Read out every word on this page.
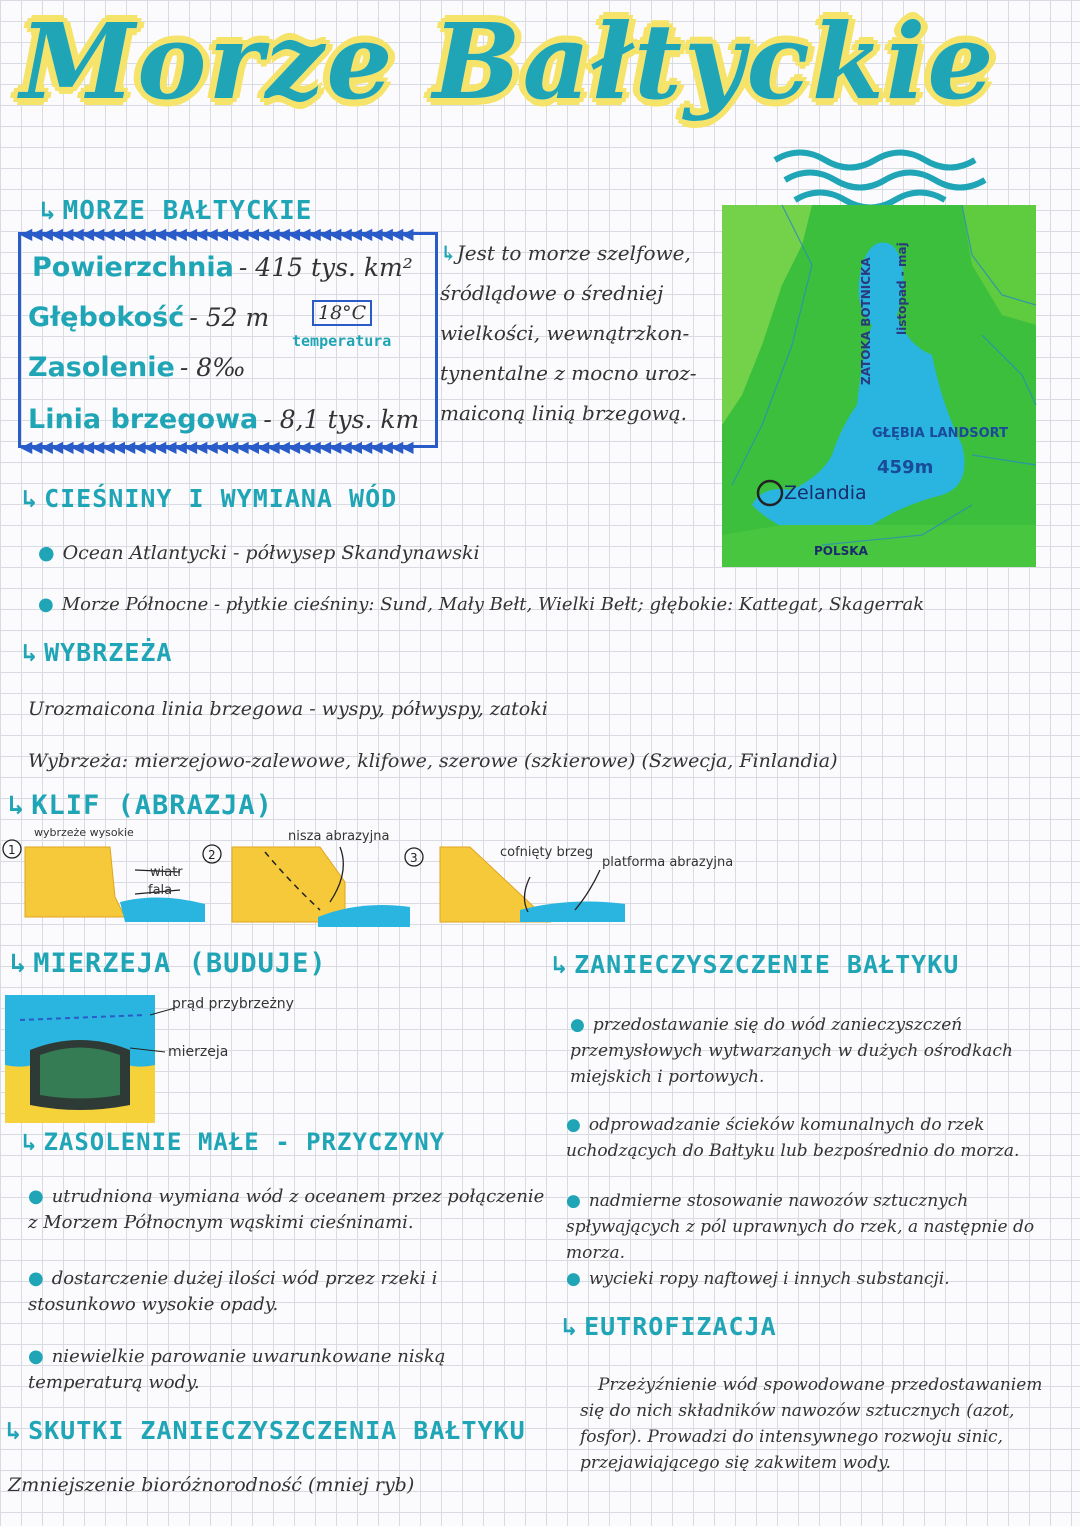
Morze Bałtyckie
↳ MORZE BAŁTYCKIE
◀◀◀◀◀◀◀◀◀◀◀◀◀◀◀◀◀◀◀◀◀◀◀◀◀◀◀◀◀◀◀◀◀◀◀◀◀◀
◀◀◀◀◀◀◀◀◀◀◀◀◀◀◀◀◀◀◀◀◀◀◀◀◀◀◀◀◀◀◀◀◀◀◀◀◀◀
Powierzchnia - 415 tys. km²
Głębokość - 52 m
Zasolenie - 8‰
Linia brzegowa - 8,1 tys. km
18°C
temperatura
↳Jest to morze szelfowe,
śródlądowe o średniej
wielkości, wewnątrzkon-
tynentalne z mocno uroz-
maiconą linią brzegową.
ZATOKA BOTNICKA listopad - maj
GŁĘBIA LANDSORT
459m
Zelandia
POLSKA
↳ CIEŚNINY I WYMIANA WÓD
● Ocean Atlantycki - półwysep Skandynawski
● Morze Północne - płytkie cieśniny: Sund, Mały Bełt, Wielki Bełt; głębokie: Kattegat, Skagerrak
↳ WYBRZEŻA
Urozmaicona linia brzegowa - wyspy, półwyspy, zatoki
Wybrzeża: mierzejowo-zalewowe, klifowe, szerowe (szkierowe) (Szwecja, Finlandia)
↳ KLIF (ABRAZJA)
1	2	3
wybrzeże wysokie
wiatr
fala
nisza abrazyjna
cofnięty brzeg
platforma abrazyjna
↳ MIERZEJA (BUDUJE)
prąd przybrzeżny
mierzeja
↳ ZASOLENIE MAŁE - PRZYCZYNY
● utrudniona wymiana wód z oceanem przez połączenie z Morzem Północnym wąskimi cieśninami.
● dostarczenie dużej ilości wód przez rzeki i stosunkowo wysokie opady.
● niewielkie parowanie uwarunkowane niską temperaturą wody.
↳ SKUTKI ZANIECZYSZCZENIA BAŁTYKU
Zmniejszenie bioróżnorodność (mniej ryb)
↳ ZANIECZYSZCZENIE BAŁTYKU
● przedostawanie się do wód zanieczyszczeń przemysłowych wytwarzanych w dużych ośrodkach miejskich i portowych.
● odprowadzanie ścieków komunalnych do rzek uchodzących do Bałtyku lub bezpośrednio do morza.
● nadmierne stosowanie nawozów sztucznych spływających z pól uprawnych do rzek, a następnie do morza.
● wycieki ropy naftowej i innych substancji.
↳ EUTROFIZACJA
Przeżyźnienie wód spowodowane przedostawaniem się do nich składników nawozów sztucznych (azot, fosfor). Prowadzi do intensywnego rozwoju sinic, przejawiającego się zakwitem wody.
